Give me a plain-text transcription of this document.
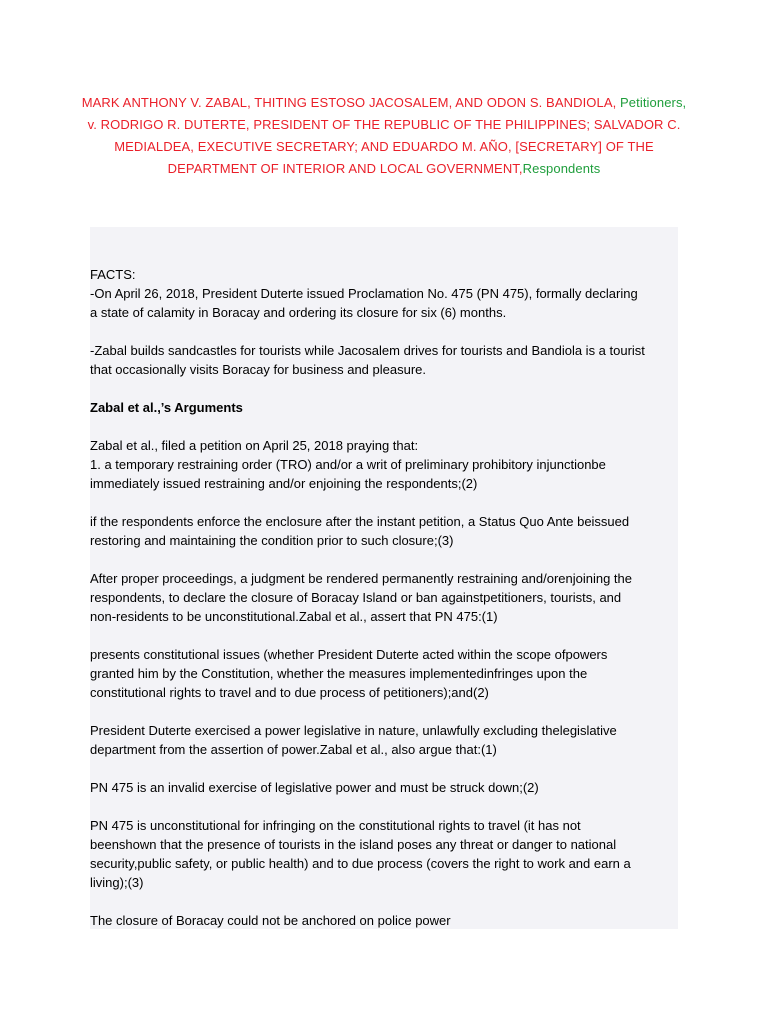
MARK ANTHONY V. ZABAL, THITING ESTOSO JACOSALEM, AND ODON S. BANDIOLA, Petitioners,
v. RODRIGO R. DUTERTE, PRESIDENT OF THE REPUBLIC OF THE PHILIPPINES; SALVADOR C.
MEDIALDEA, EXECUTIVE SECRETARY; AND EDUARDO M. AÑO, [SECRETARY] OF THE
DEPARTMENT OF INTERIOR AND LOCAL GOVERNMENT,Respondents

FACTS:

-On April 26, 2018, President Duterte issued Proclamation No. 475 (PN 475), formally declaring
a state of calamity in Boracay and ordering its closure for six (6) months.

-Zabal builds sandcastles for tourists while Jacosalem drives for tourists and Bandiola is a tourist
that occasionally visits Boracay for business and pleasure.

Zabal et al.,’s Arguments

Zabal et al., filed a petition on April 25, 2018 praying that:

1. a temporary restraining order (TRO) and/or a writ of preliminary prohibitory injunctionbe
immediately issued restraining and/or enjoining the respondents;(2)

if the respondents enforce the enclosure after the instant petition, a Status Quo Ante beissued
restoring and maintaining the condition prior to such closure;(3)

After proper proceedings, a judgment be rendered permanently restraining and/orenjoining the
respondents, to declare the closure of Boracay Island or ban againstpetitioners, tourists, and
non-residents to be unconstitutional.Zabal et al., assert that PN 475:(1)

presents constitutional issues (whether President Duterte acted within the scope ofpowers
granted him by the Constitution, whether the measures implementedinfringes upon the
constitutional rights to travel and to due process of petitioners);and(2)

President Duterte exercised a power legislative in nature, unlawfully excluding thelegislative
department from the assertion of power.Zabal et al., also argue that:(1)

PN 475 is an invalid exercise of legislative power and must be struck down;(2)

PN 475 is unconstitutional for infringing on the constitutional rights to travel (it has not
beenshown that the presence of tourists in the island poses any threat or danger to national
security,public safety, or public health) and to due process (covers the right to work and earn a
living);(3)

The closure of Boracay could not be anchored on police power
